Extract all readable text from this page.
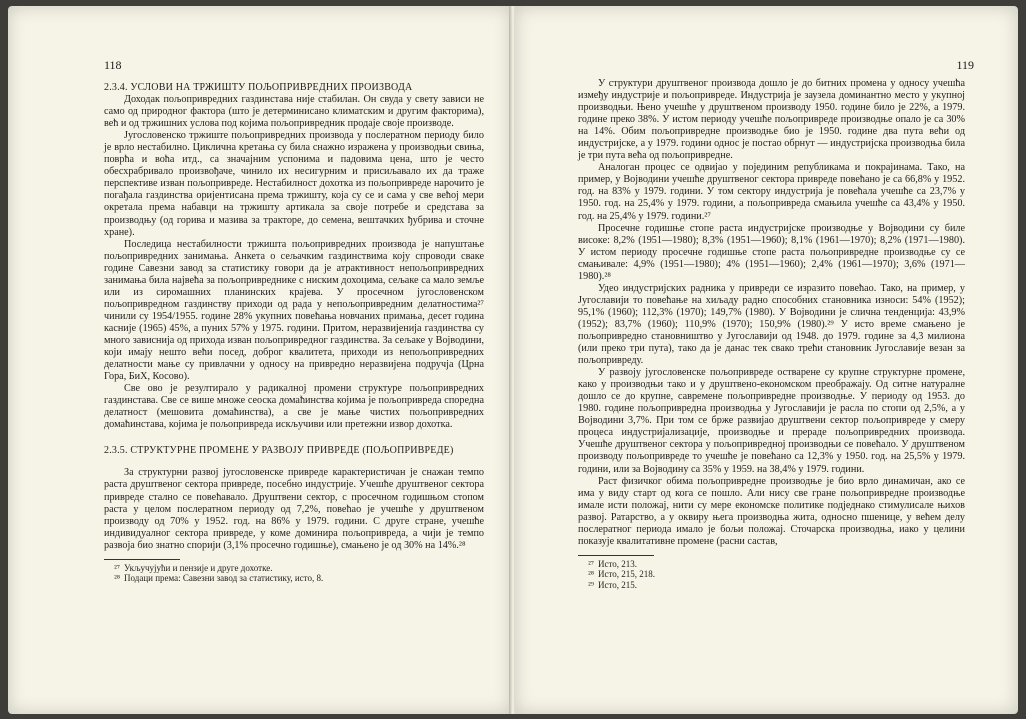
118

2.3.4. УСЛОВИ НА ТРЖИШТУ ПОЉОПРИВРЕДНИХ ПРОИЗВОДА

Доходак пољопривредних газдинстава није стабилан. Он свуда у свету зависи не само од природног фактора (што је детерминисано климатским и другим факторима), већ и од тржишних услова под којима пољопривредник продаје своје производе.

Југословенско тржиште пољопривредних производа у послератном периоду било је врло нестабилно. Циклична кретања су била снажно изражена у производњи свиња, поврћа и воћа итд., са значајним успонима и падовима цена, што је често обесхрабривало произвођаче, чинило их несигурним и присиљавало их да траже перспективе изван пољопривреде. Нестабилност дохотка из пољопривреде нарочито је погађала газдинства оријентисана према тржишту, која су се и сама у све већој мери окретала према набавци на тржишту артикала за своје потребе и средстава за производњу (од горива и мазива за тракторе, до семена, вештачких ђубрива и сточне хране).

Последица нестабилности тржишта пољопривредних производа је напуштање пољопривредних занимања. Анкета о сељачким газдинствима коју спроводи сваке године Савезни завод за статистику говори да је атрактивност непољопривредних занимања била највећа за пољопривреднике с ниским дохоцима, сељаке са мало земље или из сиромашних планинских крајева. У просечном југословенском пољопривредном газдинству приходи од рада у непољопривредним делатностима²⁷ чинили су 1954/1955. године 28% укупних повећања новчаних примања, десет година касније (1965) 45%, а пуних 57% у 1975. години. Притом, неразвијенија газдинства су много зависнија од прихода изван пољопривредног газдинства. За сељаке у Војводини, који имају нешто већи посед, доброг квалитета, приходи из непољопривредних делатности мање су привлачни у односу на привредно неразвијена подручја (Црна Гора, БиХ, Косово).

Све ово је резултирало у радикалној промени структуре пољопривредних газдинстава. Све се више множе сеоска домаћинства којима је пољопривреда споредна делатност (мешовита домаћинства), а све је мање чистих пољопривредних домаћинстава, којима је пољопривреда искључиви или претежни извор дохотка.

2.3.5. СТРУКТУРНЕ ПРОМЕНЕ У РАЗВОЈУ ПРИВРЕДЕ (ПОЉОПРИВРЕДЕ)

За структурни развој југословенске привреде карактеристичан је снажан темпо раста друштвеног сектора привреде, посебно индустрије. Учешће друштвеног сектора привреде стално се повећавало. Друштвени сектор, с просечном годишњом стопом раста у целом послератном периоду од 7,2%, повећао је учешће у друштвеном производу од 70% у 1952. год. на 86% у 1979. години. С друге стране, учешће индивидуалног сектора привреде, у коме доминира пољопривреда, а чији је темпо развоја био знатно спорији (3,1% просечно годишње), смањено је од 30% на 14%.²⁸

²⁷ Укључујући и пензије и друге дохотке.

²⁸ Подаци према: Савезни завод за статистику, исто, 8.

119

У структури друштвеног производа дошло је до битних промена у односу учешћа између индустрије и пољопривреде. Индустрија је заузела доминантно место у укупној производњи. Њено учешће у друштвеном производу 1950. године било је 22%, а 1979. године преко 38%. У истом периоду учешће пољопривреде производње опало је са 30% на 14%. Обим пољопривредне производње био је 1950. године два пута већи од индустријске, а у 1979. години однос је постао обрнут — индустријска производња била је три пута већа од пољопривредне.

Аналоган процес се одвијао у појединим републикама и покрајинама. Тако, на пример, у Војводини учешће друштвеног сектора привреде повећано је са 66,8% у 1952. год. на 83% у 1979. години. У том сектору индустрија је повећала учешће са 23,7% у 1950. год. на 25,4% у 1979. години, а пољопривреда смањила учешће са 43,4% у 1950. год. на 25,4% у 1979. години.²⁷

Просечне годишње стопе раста индустријске производње у Војводини су биле високе: 8,2% (1951—1980); 8,3% (1951—1960); 8,1% (1961—1970); 8,2% (1971—1980). У истом периоду просечне годишње стопе раста пољопривредне производње су се смањивале: 4,9% (1951—1980); 4% (1951—1960); 2,4% (1961—1970); 3,6% (1971—1980).²⁸

Удео индустријских радника у привреди се изразито повећао. Тако, на пример, у Југославији то повећање на хиљаду радно способних становника износи: 54% (1952); 95,1% (1960); 112,3% (1970); 149,7% (1980). У Војводини је слична тенденција: 43,9% (1952); 83,7% (1960); 110,9% (1970); 150,9% (1980).²⁹ У исто време смањено је пољопривредно становништво у Југославији од 1948. до 1979. године за 4,3 милиона (или преко три пута), тако да је данас тек свако трећи становник Југославије везан за пољопривреду.

У развоју југословенске пољопривреде остварене су крупне структурне промене, како у производњи тако и у друштвено-економском преображају. Од ситне натуралне дошло се до крупне, савремене пољопривредне производње. У периоду од 1953. до 1980. године пољопривредна производња у Југославији је расла по стопи од 2,5%, а у Војводини 3,7%. При том се брже развијао друштвени сектор пољопривреде у смеру процеса индустријализације, производње и прераде пољопривредних производа. Учешће друштвеног сектора у пољопривредној производњи се повећало. У друштвеном производу пољопривреде то учешће је повећано са 12,3% у 1950. год. на 25,5% у 1979. години, или за Војводину са 35% у 1959. на 38,4% у 1979. години.

Раст физичког обима пољопривредне производње је био врло динамичан, ако се има у виду старт од кога се пошло. Али нису све гране пољопривредне производње имале исти положај, нити су мере економске политике подједнако стимулисале њихов развој. Ратарство, а у оквиру њега производња жита, односно пшенице, у већем делу послератног периода имало је бољи положај. Сточарска производња, иако у целини показује квалитативне промене (расни састав,

²⁷ Исто, 213.

²⁸ Исто, 215, 218.

²⁹ Исто, 215.
